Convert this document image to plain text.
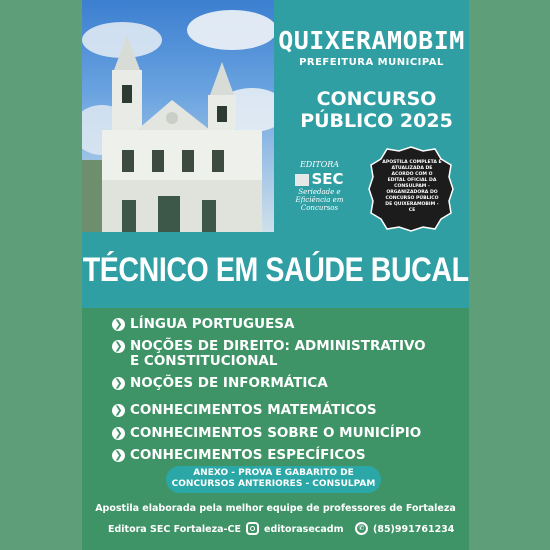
QUIXERAMOBIM
PREFEITURA MUNICIPAL
CONCURSO
PÚBLICO 2025
EDITORA
SEC
Seriedade e Eficiência em Concursos
APOSTILA COMPLETA E ATUALIZADA DE ACORDO COM O EDITAL OFICIAL DA CONSULPAM - ORGANIZADORA DO CONCURSO PÚBLICO DE QUIXERAMOBIM - CE
TÉCNICO EM SAÚDE BUCAL
❯ LÍNGUA PORTUGUESA
❯ NOÇÕES DE DIREITO: ADMINISTRATIVO
E CONSTITUCIONAL
❯ NOÇÕES DE INFORMÁTICA
❯ CONHECIMENTOS MATEMÁTICOS
❯ CONHECIMENTOS SOBRE O MUNICÍPIO
❯ CONHECIMENTOS ESPECÍFICOS
ANEXO - PROVA E GABARITO DE
CONCURSOS ANTERIORES - CONSULPAM
Apostila elaborada pela melhor equipe de professores de Fortaleza
Editora SEC Fortaleza-CE editorasecadm	✆ (85)991761234
